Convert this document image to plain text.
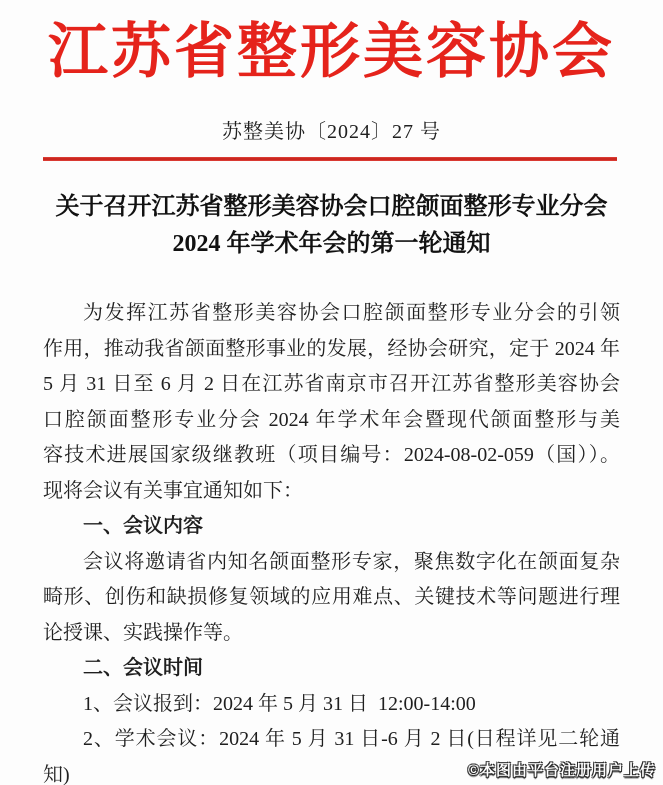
江苏省整形美容协会
苏整美协〔2024〕27 号
关于召开江苏省整形美容协会口腔颌面整形专业分会
2024 年学术年会的第一轮通知
为发挥江苏省整形美容协会口腔颌面整形专业分会的引领
作用，推动我省颌面整形事业的发展，经协会研究，定于 2024 年
5 月 31 日至 6 月 2 日在江苏省南京市召开江苏省整形美容协会
口腔颌面整形专业分会 2024 年学术年会暨现代颌面整形与美
容技术进展国家级继教班（项目编号：2024-08-02-059（国））。
现将会议有关事宜通知如下：
一、会议内容
会议将邀请省内知名颌面整形专家，聚焦数字化在颌面复杂
畸形、创伤和缺损修复领域的应用难点、关键技术等问题进行理
论授课、实践操作等。
二、会议时间
1、会议报到：2024 年 5 月 31 日  12:00-14:00
2、学术会议：2024 年 5 月 31 日-6 月 2 日(日程详见二轮通
知)	©本图由平台注册用户上传
